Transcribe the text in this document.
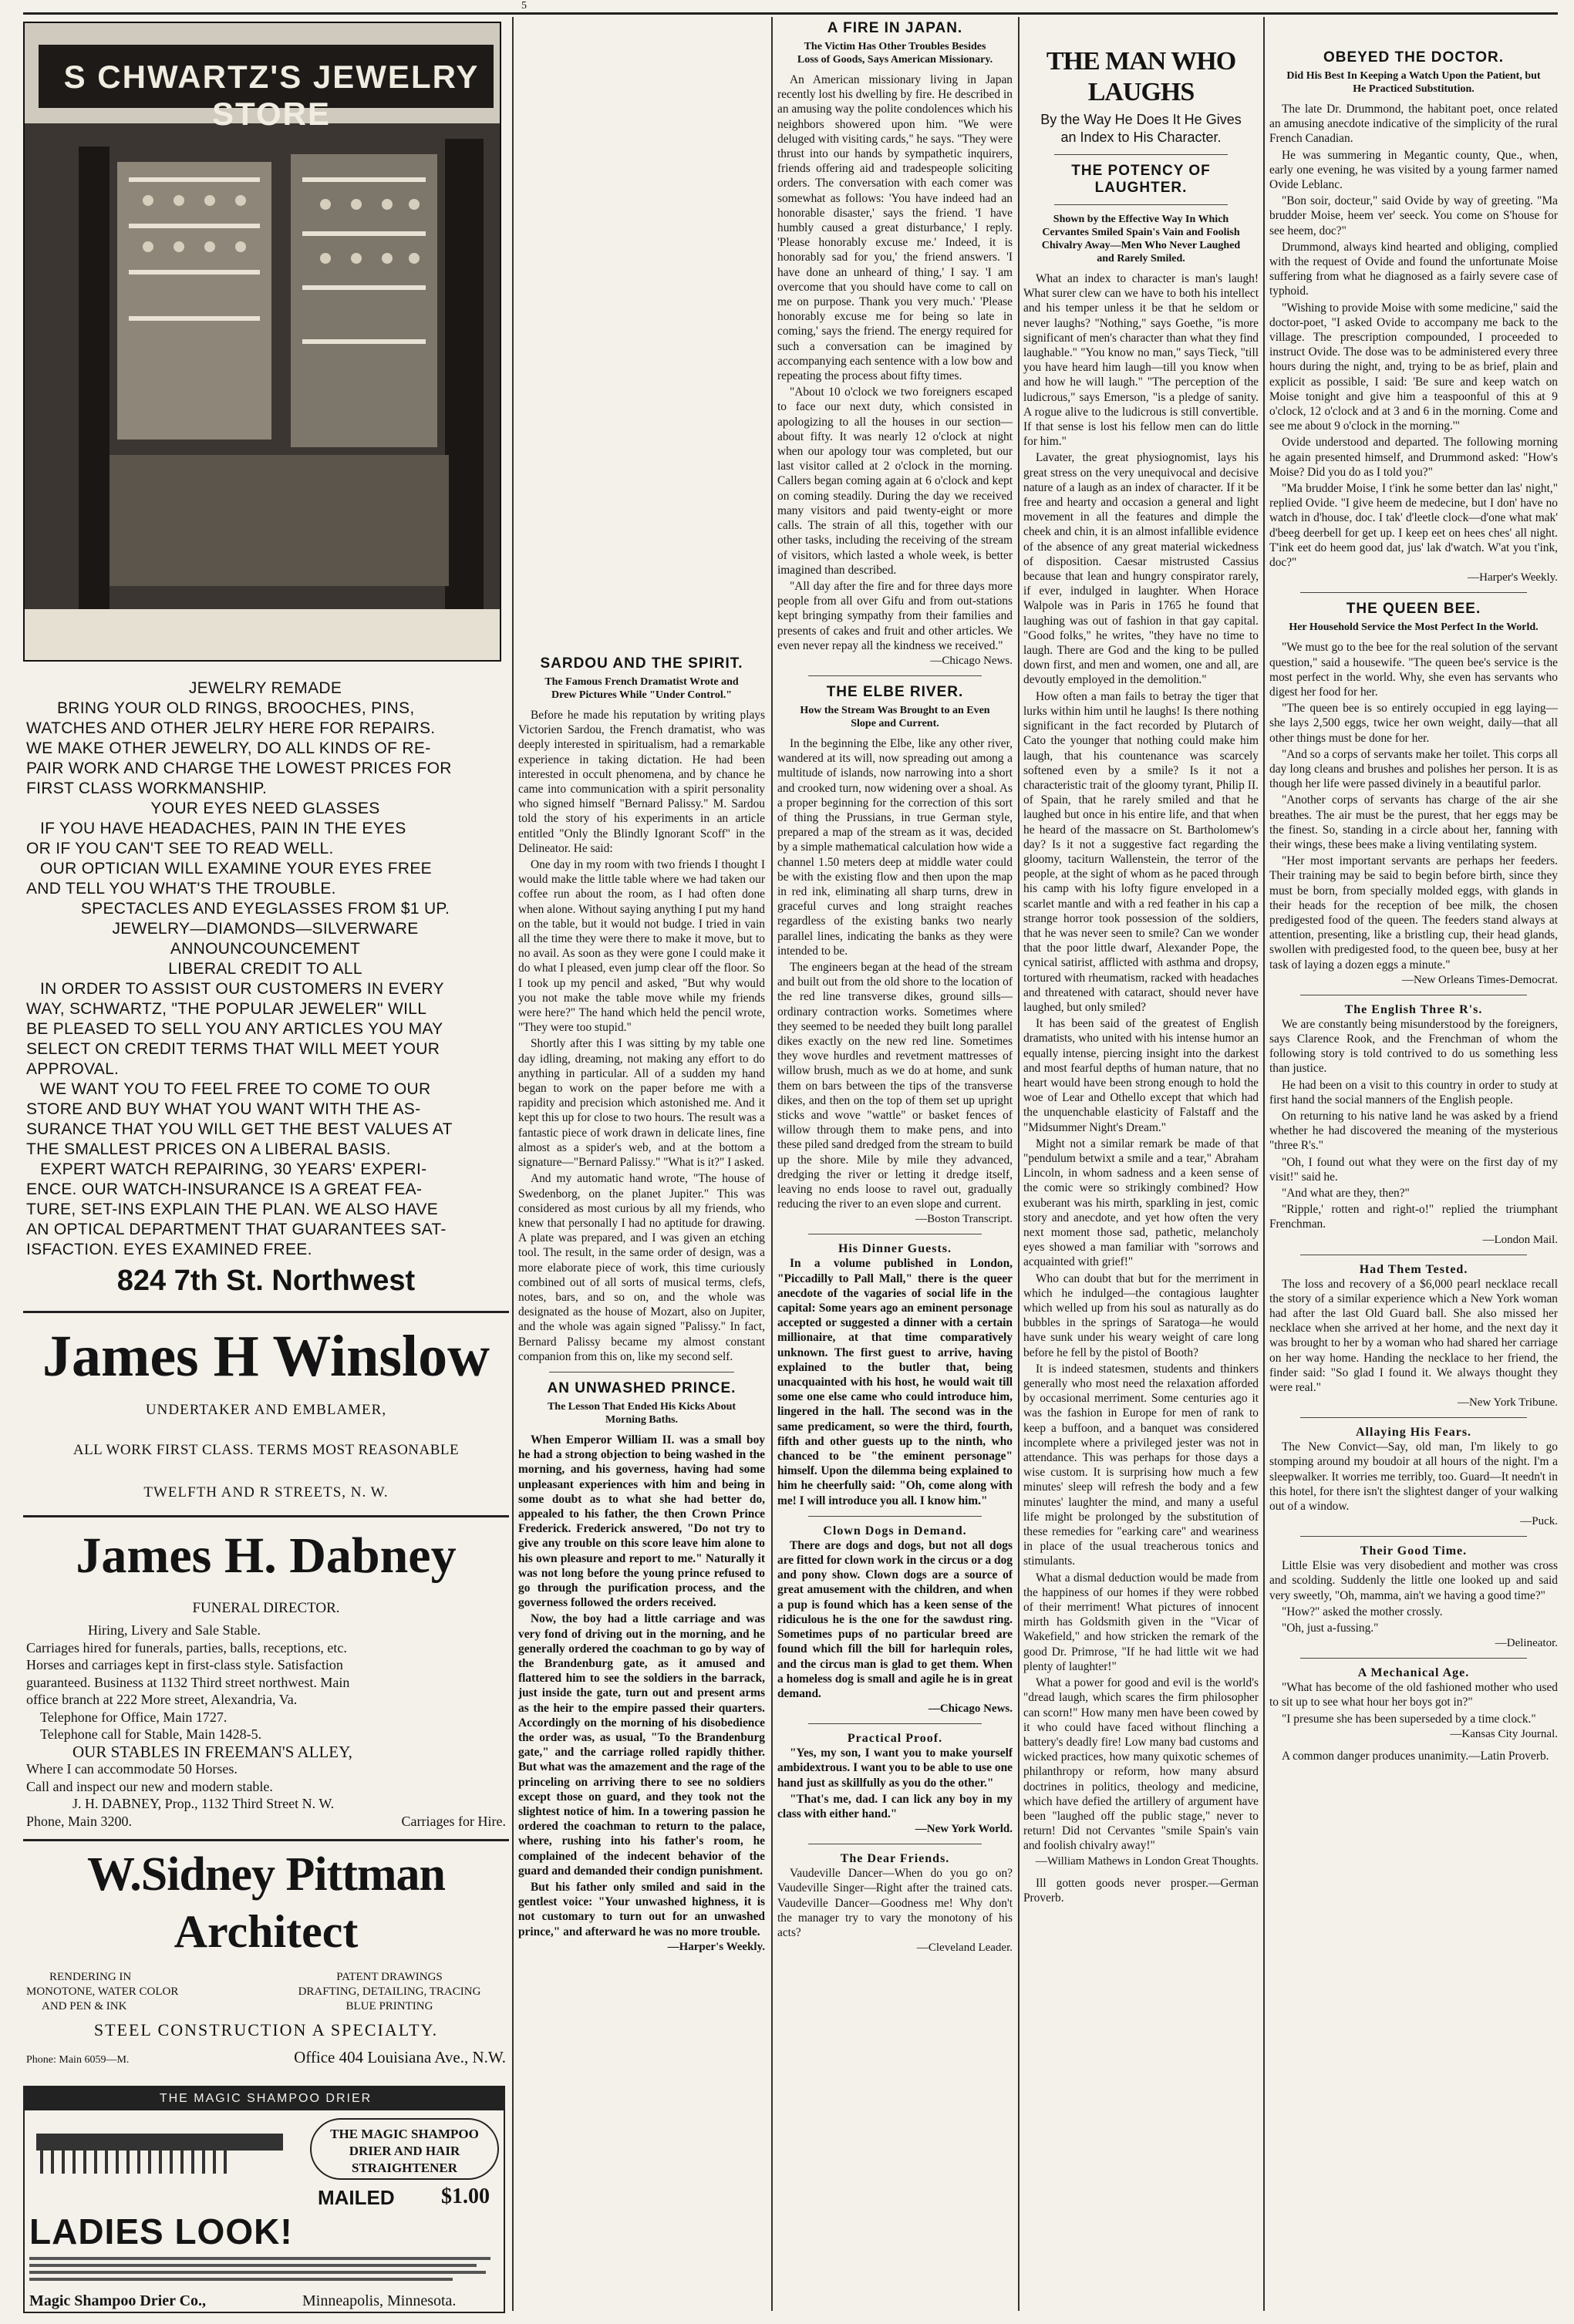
5
S CHWARTZ'S JEWELRY STORE
JEWELRY REMADE
BRING YOUR OLD RINGS, BROOCHES, PINS,
WATCHES AND OTHER JELRY HERE FOR REPAIRS.
WE MAKE OTHER JEWELRY, DO ALL KINDS OF RE-
PAIR WORK AND CHARGE THE LOWEST PRICES FOR
FIRST CLASS WORKMANSHIP.
YOUR EYES NEED GLASSES
IF YOU HAVE HEADACHES, PAIN IN THE EYES
OR IF YOU CAN'T SEE TO READ WELL.
OUR OPTICIAN WILL EXAMINE YOUR EYES FREE
AND TELL YOU WHAT'S THE TROUBLE.
SPECTACLES AND EYEGLASSES FROM $1 UP.
JEWELRY—DIAMONDS—SILVERWARE
ANNOUNCOUNCEMENT
LIBERAL CREDIT TO ALL
IN ORDER TO ASSIST OUR CUSTOMERS IN EVERY
WAY, SCHWARTZ, "THE POPULAR JEWELER" WILL
BE PLEASED TO SELL YOU ANY ARTICLES YOU MAY
SELECT ON CREDIT TERMS THAT WILL MEET YOUR
APPROVAL.
WE WANT YOU TO FEEL FREE TO COME TO OUR
STORE AND BUY WHAT YOU WANT WITH THE AS-
SURANCE THAT YOU WILL GET THE BEST VALUES AT
THE SMALLEST PRICES ON A LIBERAL BASIS.
EXPERT WATCH REPAIRING, 30 YEARS' EXPERI-
ENCE. OUR WATCH-INSURANCE IS A GREAT FEA-
TURE, SET-INS EXPLAIN THE PLAN. WE ALSO HAVE
AN OPTICAL DEPARTMENT THAT GUARANTEES SAT-
ISFACTION. EYES EXAMINED FREE.
824 7th St. Northwest
James H Winslow
UNDERTAKER AND EMBLAMER,
ALL WORK FIRST CLASS. TERMS MOST REASONABLE
TWELFTH AND R STREETS, N. W.
James H. Dabney
FUNERAL DIRECTOR.
Hiring, Livery and Sale Stable.
Carriages hired for funerals, parties, balls, receptions, etc.
Horses and carriages kept in first-class style. Satisfaction
guaranteed. Business at 1132 Third street northwest. Main
office branch at 222 More street, Alexandria, Va.
Telephone for Office, Main 1727.
Telephone call for Stable, Main 1428-5.
OUR STABLES IN FREEMAN'S ALLEY,
Where I can accommodate 50 Horses.
Call and inspect our new and modern stable.
J. H. DABNEY, Prop., 1132 Third Street N. W.
Phone, Main 3200.	Carriages for Hire.
W.Sidney Pittman
Architect
RENDERING IN
MONOTONE, WATER COLOR
AND PEN & INK
PATENT DRAWINGS
DRAFTING, DETAILING, TRACING
BLUE PRINTING
STEEL CONSTRUCTION A SPECIALTY.
Phone: Main 6059—M.	Office 404 Louisiana Ave., N.W.
THE MAGIC SHAMPOO DRIER
THE MAGIC SHAMPOO DRIER AND HAIR STRAIGHTENER
MAILED $1.00
LADIES LOOK!
Magic Shampoo Drier Co.,	Minneapolis, Minnesota.
SARDOU AND THE SPIRIT.
The Famous French Dramatist Wrote and Drew Pictures While "Under Control."

Before he made his reputation by writing plays Victorien Sardou, the French dramatist, who was deeply interested in spiritualism, had a remarkable experience in taking dictation. He had been interested in occult phenomena, and by chance he came into communication with a spirit personality who signed himself "Bernard Palissy." M. Sardou told the story of his experiments in an article entitled "Only the Blindly Ignorant Scoff" in the Delineator. He said:

One day in my room with two friends I thought I would make the little table where we had taken our coffee run about the room, as I had often done when alone. Without saying anything I put my hand on the table, but it would not budge. I tried in vain all the time they were there to make it move, but to no avail. As soon as they were gone I could make it do what I pleased, even jump clear off the floor. So I took up my pencil and asked, "But why would you not make the table move while my friends were here?" The hand which held the pencil wrote, "They were too stupid."

Shortly after this I was sitting by my table one day idling, dreaming, not making any effort to do anything in particular. All of a sudden my hand began to work on the paper before me with a rapidity and precision which astonished me. And it kept this up for close to two hours. The result was a fantastic piece of work drawn in delicate lines, fine almost as a spider's web, and at the bottom a signature—"Bernard Palissy." "What is it?" I asked.

And my automatic hand wrote, "The house of Swedenborg, on the planet Jupiter." This was considered as most curious by all my friends, who knew that personally I had no aptitude for drawing. A plate was prepared, and I was given an etching tool. The result, in the same order of design, was a more elaborate piece of work, this time curiously combined out of all sorts of musical terms, clefs, notes, bars, and so on, and the whole was designated as the house of Mozart, also on Jupiter, and the whole was again signed "Palissy." In fact, Bernard Palissy became my almost constant companion from this on, like my second self.

AN UNWASHED PRINCE.
The Lesson That Ended His Kicks About Morning Baths.

When Emperor William II. was a small boy he had a strong objection to being washed in the morning, and his governess, having had some unpleasant experiences with him and being in some doubt as to what she had better do, appealed to his father, the then Crown Prince Frederick. Frederick answered, "Do not try to give any trouble on this score leave him alone to his own pleasure and report to me." Naturally it was not long before the young prince refused to go through the purification process, and the governess followed the orders received.

Now, the boy had a little carriage and was very fond of driving out in the morning, and he generally ordered the coachman to go by way of the Brandenburg gate, as it amused and flattered him to see the soldiers in the barrack, just inside the gate, turn out and present arms as the heir to the empire passed their quarters. Accordingly on the morning of his disobedience the order was, as usual, "To the Brandenburg gate," and the carriage rolled rapidly thither. But what was the amazement and the rage of the princeling on arriving there to see no soldiers except those on guard, and they took not the slightest notice of him. In a towering passion he ordered the coachman to return to the palace, where, rushing into his father's room, he complained of the indecent behavior of the guard and demanded their condign punishment.

But his father only smiled and said in the gentlest voice: "Your unwashed highness, it is not customary to turn out for an unwashed prince," and afterward he was no more trouble.

—Harper's Weekly.
A FIRE IN JAPAN.
The Victim Has Other Troubles Besides Loss of Goods, Says American Missionary.

An American missionary living in Japan recently lost his dwelling by fire. He described in an amusing way the polite condolences which his neighbors showered upon him. "We were deluged with visiting cards," he says. "They were thrust into our hands by sympathetic inquirers, friends offering aid and tradespeople soliciting orders. The conversation with each comer was somewhat as follows: 'You have indeed had an honorable disaster,' says the friend. 'I have humbly caused a great disturbance,' I reply. 'Please honorably excuse me.' Indeed, it is honorably sad for you,' the friend answers. 'I have done an unheard of thing,' I say. 'I am overcome that you should have come to call on me on purpose. Thank you very much.' 'Please honorably excuse me for being so late in coming,' says the friend. The energy required for such a conversation can be imagined by accompanying each sentence with a low bow and repeating the process about fifty times.

"About 10 o'clock we two foreigners escaped to face our next duty, which consisted in apologizing to all the houses in our section—about fifty. It was nearly 12 o'clock at night when our apology tour was completed, but our last visitor called at 2 o'clock in the morning. Callers began coming again at 6 o'clock and kept on coming steadily. During the day we received many visitors and paid twenty-eight or more calls. The strain of all this, together with our other tasks, including the receiving of the stream of visitors, which lasted a whole week, is better imagined than described.

"All day after the fire and for three days more people from all over Gifu and from out-stations kept bringing sympathy from their families and presents of cakes and fruit and other articles. We even never repay all the kindness we received."

—Chicago News.
THE ELBE RIVER.
How the Stream Was Brought to an Even Slope and Current.

In the beginning the Elbe, like any other river, wandered at its will, now spreading out among a multitude of islands, now narrowing into a short and crooked turn, now widening over a shoal. As a proper beginning for the correction of this sort of thing the Prussians, in true German style, prepared a map of the stream as it was, decided by a simple mathematical calculation how wide a channel 1.50 meters deep at middle water could be with the existing flow and then upon the map in red ink, eliminating all sharp turns, drew in graceful curves and long straight reaches regardless of the existing banks two nearly parallel lines, indicating the banks as they were intended to be.

The engineers began at the head of the stream and built out from the old shore to the location of the red line transverse dikes, ground sills—ordinary contraction works. Sometimes where they seemed to be needed they built long parallel dikes exactly on the new red line. Sometimes they wove hurdles and revetment mattresses of willow brush, much as we do at home, and sunk them on bars between the tips of the transverse dikes, and then on the top of them set up upright sticks and wove "wattle" or basket fences of willow through them to make pens, and into these piled sand dredged from the stream to build up the shore. Mile by mile they advanced, dredging the river or letting it dredge itself, leaving no ends loose to ravel out, gradually reducing the river to an even slope and current.

—Boston Transcript.
His Dinner Guests.

In a volume published in London, "Piccadilly to Pall Mall," there is the queer anecdote of the vagaries of social life in the capital: Some years ago an eminent personage accepted or suggested a dinner with a certain millionaire, at that time comparatively unknown. The first guest to arrive, having explained to the butler that, being unacquainted with his host, he would wait till some one else came who could introduce him, lingered in the hall. The second was in the same predicament, so were the third, fourth, fifth and other guests up to the ninth, who chanced to be "the eminent personage" himself. Upon the dilemma being explained to him he cheerfully said: "Oh, come along with me! I will introduce you all. I know him."

Clown Dogs in Demand.

There are dogs and dogs, but not all dogs are fitted for clown work in the circus or a dog and pony show. Clown dogs are a source of great amusement with the children, and when a pup is found which has a keen sense of the ridiculous he is the one for the sawdust ring. Sometimes pups of no particular breed are found which fill the bill for harlequin roles, and the circus man is glad to get them. When a homeless dog is small and agile he is in great demand.

—Chicago News.
Practical Proof.

"Yes, my son, I want you to make yourself ambidextrous. I want you to be able to use one hand just as skillfully as you do the other."

"That's me, dad. I can lick any boy in my class with either hand."

—New York World.
The Dear Friends.

Vaudeville Dancer—When do you go on? Vaudeville Singer—Right after the trained cats. Vaudeville Dancer—Goodness me! Why don't the manager try to vary the monotony of his acts?

—Cleveland Leader.
THE MAN WHO LAUGHS
By the Way He Does It He Gives an Index to His Character.
THE POTENCY OF LAUGHTER.
Shown by the Effective Way In Which Cervantes Smiled Spain's Vain and Foolish Chivalry Away—Men Who Never Laughed and Rarely Smiled.

What an index to character is man's laugh! What surer clew can we have to both his intellect and his temper unless it be that he seldom or never laughs? "Nothing," says Goethe, "is more significant of men's character than what they find laughable." "You know no man," says Tieck, "till you have heard him laugh—till you know when and how he will laugh." "The perception of the ludicrous," says Emerson, "is a pledge of sanity. A rogue alive to the ludicrous is still convertible. If that sense is lost his fellow men can do little for him."

Lavater, the great physiognomist, lays his great stress on the very unequivocal and decisive nature of a laugh as an index of character. If it be free and hearty and occasion a general and light movement in all the features and dimple the cheek and chin, it is an almost infallible evidence of the absence of any great material wickedness of disposition. Caesar mistrusted Cassius because that lean and hungry conspirator rarely, if ever, indulged in laughter. When Horace Walpole was in Paris in 1765 he found that laughing was out of fashion in that gay capital. "Good folks," he writes, "they have no time to laugh. There are God and the king to be pulled down first, and men and women, one and all, are devoutly employed in the demolition."

How often a man fails to betray the tiger that lurks within him until he laughs! Is there nothing significant in the fact recorded by Plutarch of Cato the younger that nothing could make him laugh, that his countenance was scarcely softened even by a smile? Is it not a characteristic trait of the gloomy tyrant, Philip II. of Spain, that he rarely smiled and that he laughed but once in his entire life, and that when he heard of the massacre on St. Bartholomew's day? Is it not a suggestive fact regarding the gloomy, taciturn Wallenstein, the terror of the people, at the sight of whom as he paced through his camp with his lofty figure enveloped in a scarlet mantle and with a red feather in his cap a strange horror took possession of the soldiers, that he was never seen to smile? Can we wonder that the poor little dwarf, Alexander Pope, the cynical satirist, afflicted with asthma and dropsy, tortured with rheumatism, racked with headaches and threatened with cataract, should never have laughed, but only smiled?

It has been said of the greatest of English dramatists, who united with his intense humor an equally intense, piercing insight into the darkest and most fearful depths of human nature, that no heart would have been strong enough to hold the woe of Lear and Othello except that which had the unquenchable elasticity of Falstaff and the "Midsummer Night's Dream."

Might not a similar remark be made of that "pendulum betwixt a smile and a tear," Abraham Lincoln, in whom sadness and a keen sense of the comic were so strikingly combined? How exuberant was his mirth, sparkling in jest, comic story and anecdote, and yet how often the very next moment those sad, pathetic, melancholy eyes showed a man familiar with "sorrows and acquainted with grief!"

Who can doubt that but for the merriment in which he indulged—the contagious laughter which welled up from his soul as naturally as do bubbles in the springs of Saratoga—he would have sunk under his weary weight of care long before he fell by the pistol of Booth?

It is indeed statesmen, students and thinkers generally who most need the relaxation afforded by occasional merriment. Some centuries ago it was the fashion in Europe for men of rank to keep a buffoon, and a banquet was considered incomplete where a privileged jester was not in attendance. This was perhaps for those days a wise custom. It is surprising how much a few minutes' sleep will refresh the body and a few minutes' laughter the mind, and many a useful life might be prolonged by the substitution of these remedies for "earking care" and weariness in place of the usual treacherous tonics and stimulants.

What a dismal deduction would be made from the happiness of our homes if they were robbed of their merriment! What pictures of innocent mirth has Goldsmith given in the "Vicar of Wakefield," and how stricken the remark of the good Dr. Primrose, "If he had little wit we had plenty of laughter!"

What a power for good and evil is the world's "dread laugh, which scares the firm philosopher can scorn!" How many men have been cowed by it who could have faced without flinching a battery's deadly fire! Low many bad customs and wicked practices, how many quixotic schemes of philanthropy or reform, how many absurd doctrines in politics, theology and medicine, which have defied the artillery of argument have been "laughed off the public stage," never to return! Did not Cervantes "smile Spain's vain and foolish chivalry away!"

—William Mathews in London Great Thoughts.

Ill gotten goods never prosper.—German Proverb.

OBEYED THE DOCTOR.
Did His Best In Keeping a Watch Upon the Patient, but He Practiced Substitution.

The late Dr. Drummond, the habitant poet, once related an amusing anecdote indicative of the simplicity of the rural French Canadian.

He was summering in Megantic county, Que., when, early one evening, he was visited by a young farmer named Ovide Leblanc.

"Bon soir, docteur," said Ovide by way of greeting. "Ma brudder Moise, heem ver' seeck. You come on S'house for see heem, doc?"

Drummond, always kind hearted and obliging, complied with the request of Ovide and found the unfortunate Moise suffering from what he diagnosed as a fairly severe case of typhoid.

"Wishing to provide Moise with some medicine," said the doctor-poet, "I asked Ovide to accompany me back to the village. The prescription compounded, I proceeded to instruct Ovide. The dose was to be administered every three hours during the night, and, trying to be as brief, plain and explicit as possible, I said: 'Be sure and keep watch on Moise tonight and give him a teaspoonful of this at 9 o'clock, 12 o'clock and at 3 and 6 in the morning. Come and see me about 9 o'clock in the morning.'"

Ovide understood and departed. The following morning he again presented himself, and Drummond asked: "How's Moise? Did you do as I told you?"

"Ma brudder Moise, I t'ink he some better dan las' night," replied Ovide. "I give heem de medecine, but I don' have no watch in d'house, doc. I tak' d'leetle clock—d'one what mak' d'beeg deerbell for get up. I keep eet on hees ches' all night. T'ink eet do heem good dat, jus' lak d'watch. W'at you t'ink, doc?"

—Harper's Weekly.
THE QUEEN BEE.
Her Household Service the Most Perfect In the World.

"We must go to the bee for the real solution of the servant question," said a housewife. "The queen bee's service is the most perfect in the world. Why, she even has servants who digest her food for her.

"The queen bee is so entirely occupied in egg laying—she lays 2,500 eggs, twice her own weight, daily—that all other things must be done for her.

"And so a corps of servants make her toilet. This corps all day long cleans and brushes and polishes her person. It is as though her life were passed divinely in a beautiful parlor.

"Another corps of servants has charge of the air she breathes. The air must be the purest, that her eggs may be the finest. So, standing in a circle about her, fanning with their wings, these bees make a living ventilating system.

"Her most important servants are perhaps her feeders. Their training may be said to begin before birth, since they must be born, from specially molded eggs, with glands in their heads for the reception of bee milk, the chosen predigested food of the queen. The feeders stand always at attention, presenting, like a bristling cup, their head glands, swollen with predigested food, to the queen bee, busy at her task of laying a dozen eggs a minute."

—New Orleans Times-Democrat.
The English Three R's.

We are constantly being misunderstood by the foreigners, says Clarence Rook, and the Frenchman of whom the following story is told contrived to do us something less than justice.

He had been on a visit to this country in order to study at first hand the social manners of the English people.

On returning to his native land he was asked by a friend whether he had discovered the meaning of the mysterious "three R's."

"Oh, I found out what they were on the first day of my visit!" said he.

"And what are they, then?"

"Ripple,' rotten and right-o!" replied the triumphant Frenchman.

—London Mail.
Had Them Tested.

The loss and recovery of a $6,000 pearl necklace recall the story of a similar experience which a New York woman had after the last Old Guard ball. She also missed her necklace when she arrived at her home, and the next day it was brought to her by a woman who had shared her carriage on her way home. Handing the necklace to her friend, the finder said: "So glad I found it. We always thought they were real."

—New York Tribune.
Allaying His Fears.

The New Convict—Say, old man, I'm likely to go stomping around my boudoir at all hours of the night. I'm a sleepwalker. It worries me terribly, too. Guard—It needn't in this hotel, for there isn't the slightest danger of your walking out of a window.

—Puck.
Their Good Time.

Little Elsie was very disobedient and mother was cross and scolding. Suddenly the little one looked up and said very sweetly, "Oh, mamma, ain't we having a good time?"

"How?" asked the mother crossly.

"Oh, just a-fussing."

—Delineator.
A Mechanical Age.

"What has become of the old fashioned mother who used to sit up to see what hour her boys got in?"

"I presume she has been superseded by a time clock."

—Kansas City Journal.

A common danger produces unanimity.—Latin Proverb.
